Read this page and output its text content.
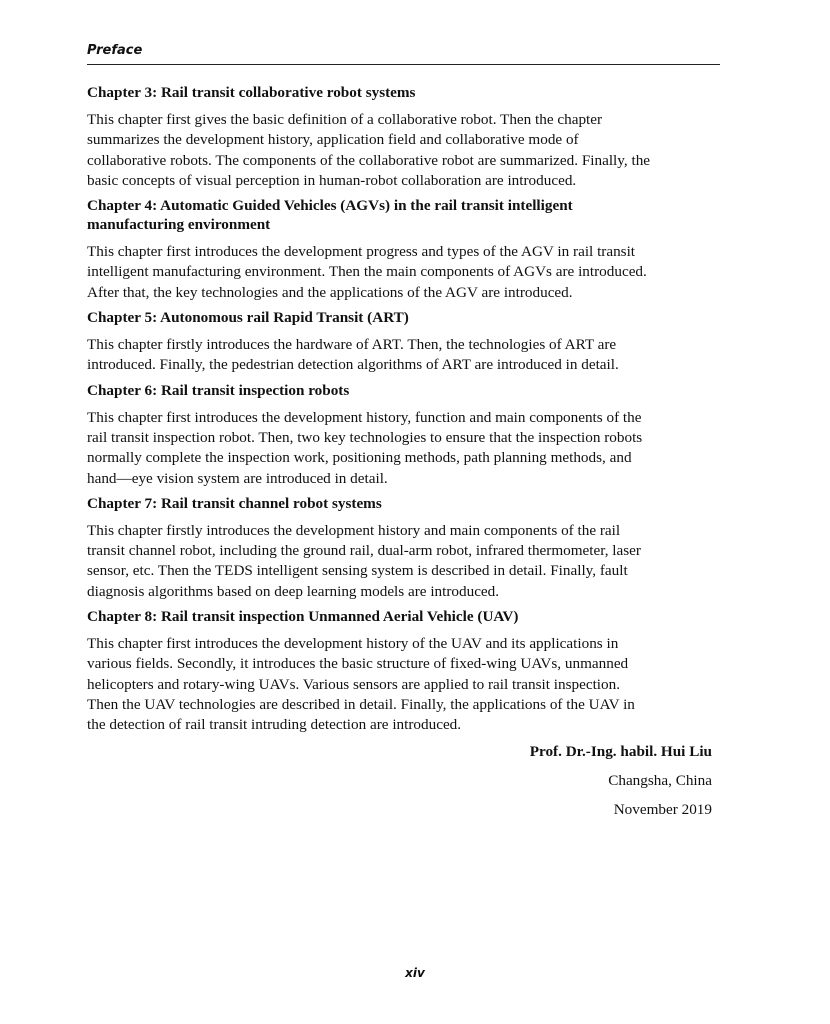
Preface
Chapter 3: Rail transit collaborative robot systems
This chapter first gives the basic definition of a collaborative robot. Then the chapter
summarizes the development history, application field and collaborative mode of
collaborative robots. The components of the collaborative robot are summarized. Finally, the
basic concepts of visual perception in human-robot collaboration are introduced.
Chapter 4: Automatic Guided Vehicles (AGVs) in the rail transit intelligent
manufacturing environment
This chapter first introduces the development progress and types of the AGV in rail transit
intelligent manufacturing environment. Then the main components of AGVs are introduced.
After that, the key technologies and the applications of the AGV are introduced.
Chapter 5: Autonomous rail Rapid Transit (ART)
This chapter firstly introduces the hardware of ART. Then, the technologies of ART are
introduced. Finally, the pedestrian detection algorithms of ART are introduced in detail.
Chapter 6: Rail transit inspection robots
This chapter first introduces the development history, function and main components of the
rail transit inspection robot. Then, two key technologies to ensure that the inspection robots
normally complete the inspection work, positioning methods, path planning methods, and
hand—eye vision system are introduced in detail.
Chapter 7: Rail transit channel robot systems
This chapter firstly introduces the development history and main components of the rail
transit channel robot, including the ground rail, dual-arm robot, infrared thermometer, laser
sensor, etc. Then the TEDS intelligent sensing system is described in detail. Finally, fault
diagnosis algorithms based on deep learning models are introduced.
Chapter 8: Rail transit inspection Unmanned Aerial Vehicle (UAV)
This chapter first introduces the development history of the UAV and its applications in
various fields. Secondly, it introduces the basic structure of fixed-wing UAVs, unmanned
helicopters and rotary-wing UAVs. Various sensors are applied to rail transit inspection.
Then the UAV technologies are described in detail. Finally, the applications of the UAV in
the detection of rail transit intruding detection are introduced.
Prof. Dr.-Ing. habil. Hui Liu
Changsha, China
November 2019
xiv
